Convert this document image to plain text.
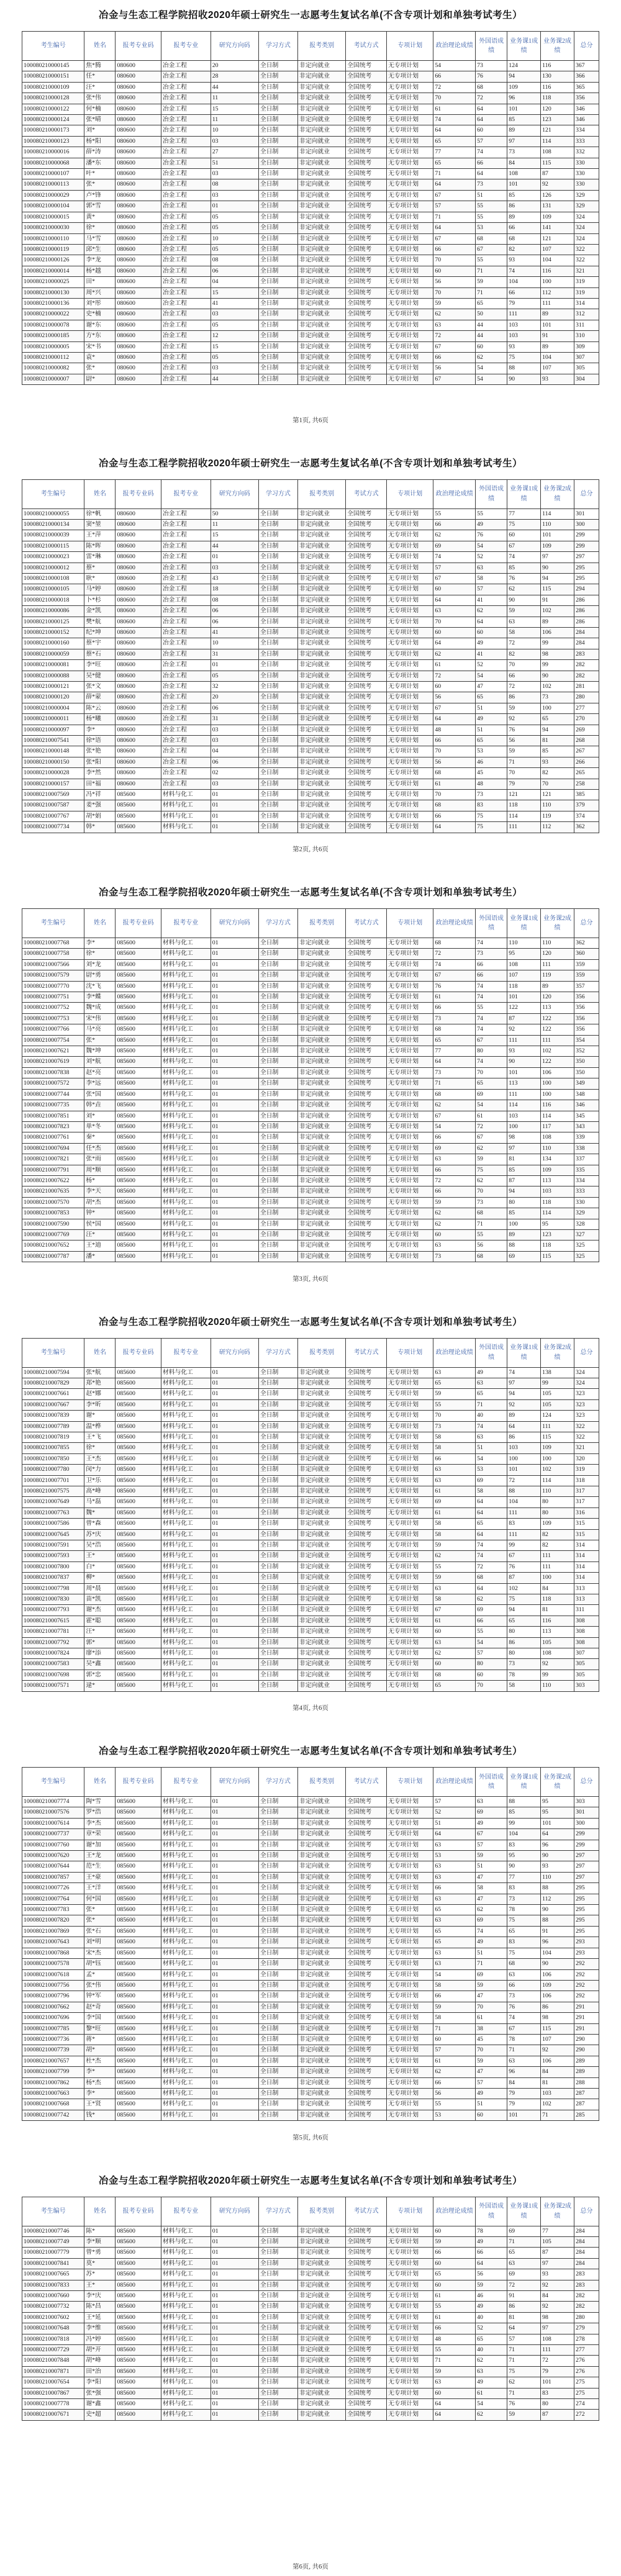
冶金与生态工程学院招收2020年硕士研究生一志愿考生复试名单(不含专项计划和单独考试考生）
考生编号	姓名	报考专业码	报考专业	研究方向码	学习方式	报考类别	考试方式	专项计划	政治理论成绩	外国语成绩	业务课1成绩	业务课2成绩	总分
100080210000145	焦*腾	080600	冶金工程	20	全日制	非定向就业	全国统考	无专项计划	54	73	124	116	367
100080210000151	任*	080600	冶金工程	28	全日制	非定向就业	全国统考	无专项计划	66	76	94	130	366
100080210000109	汪*	080600	冶金工程	44	全日制	非定向就业	全国统考	无专项计划	72	68	109	116	365
100080210000128	张*伟	080600	冶金工程	11	全日制	非定向就业	全国统考	无专项计划	70	72	96	118	356
100080210000122	何*楠	080600	冶金工程	15	全日制	非定向就业	全国统考	无专项计划	61	64	101	120	346
100080210000124	张*晴	080600	冶金工程	11	全日制	非定向就业	全国统考	无专项计划	74	64	85	123	346
100080210000173	刘*	080600	冶金工程	10	全日制	非定向就业	全国统考	无专项计划	64	60	89	121	334
100080210000123	杨*阳	080600	冶金工程	03	全日制	非定向就业	全国统考	无专项计划	65	57	97	114	333
100080210000016	薛*涛	080600	冶金工程	27	全日制	非定向就业	全国统考	无专项计划	77	74	73	108	332
100080210000068	潘*东	080600	冶金工程	51	全日制	非定向就业	全国统考	无专项计划	65	66	84	115	330
100080210000107	叶*	080600	冶金工程	03	全日制	非定向就业	全国统考	无专项计划	71	64	108	87	330
100080210000113	张*	080600	冶金工程	08	全日制	非定向就业	全国统考	无专项计划	64	73	101	92	330
100080210000029	卢*锋	080600	冶金工程	03	全日制	非定向就业	全国统考	无专项计划	67	51	85	126	329
100080210000104	郭*雪	080600	冶金工程	01	全日制	非定向就业	全国统考	无专项计划	57	55	86	131	329
100080210000015	黄*	080600	冶金工程	05	全日制	非定向就业	全国统考	无专项计划	71	55	89	109	324
100080210000030	徐*	080600	冶金工程	05	全日制	非定向就业	全国统考	无专项计划	64	53	66	141	324
100080210000110	马*雪	080600	冶金工程	10	全日制	非定向就业	全国统考	无专项计划	67	68	68	121	324
100080210000119	邱*生	080600	冶金工程	05	全日制	非定向就业	全国统考	无专项计划	66	67	82	107	322
100080210000126	李*龙	080600	冶金工程	08	全日制	非定向就业	全国统考	无专项计划	70	55	93	104	322
100080210000014	杨*越	080600	冶金工程	06	全日制	非定向就业	全国统考	无专项计划	60	71	74	116	321
100080210000025	田*	080600	冶金工程	04	全日制	非定向就业	全国统考	无专项计划	56	59	104	100	319
100080210000130	周*兴	080600	冶金工程	15	全日制	非定向就业	全国统考	无专项计划	70	71	66	112	319
100080210000136	刘*彤	080600	冶金工程	41	全日制	非定向就业	全国统考	无专项计划	59	65	79	111	314
100080210000022	史*楠	080600	冶金工程	03	全日制	非定向就业	全国统考	无专项计划	62	50	111	89	312
100080210000078	谢*东	080600	冶金工程	05	全日制	非定向就业	全国统考	无专项计划	63	44	103	101	311
100080210000185	方*东	080600	冶金工程	12	全日制	非定向就业	全国统考	无专项计划	72	44	103	91	310
100080210000005	宋*书	080600	冶金工程	15	全日制	非定向就业	全国统考	无专项计划	67	60	93	89	309
100080210000112	袁*	080600	冶金工程	05	全日制	非定向就业	全国统考	无专项计划	66	62	75	104	307
100080210000082	张*	080600	冶金工程	03	全日制	非定向就业	全国统考	无专项计划	56	54	88	107	305
100080210000007	尉*	080600	冶金工程	44	全日制	非定向就业	全国统考	无专项计划	67	54	90	93	304
第1页, 共6页
冶金与生态工程学院招收2020年硕士研究生一志愿考生复试名单(不含专项计划和单独考试考生）
考生编号	姓名	报考专业码	报考专业	研究方向码	学习方式	报考类别	考试方式	专项计划	政治理论成绩	外国语成绩	业务课1成绩	业务课2成绩	总分
100080210000055	徐*帆	080600	冶金工程	50	全日制	非定向就业	全国统考	无专项计划	55	55	77	114	301
100080210000134	窦*堃	080600	冶金工程	11	全日制	非定向就业	全国统考	无专项计划	66	49	75	110	300
100080210000039	王*萍	080600	冶金工程	15	全日制	非定向就业	全国统考	无专项计划	62	76	60	101	299
100080210000115	陈*晖	080600	冶金工程	44	全日制	非定向就业	全国统考	无专项计划	69	54	67	109	299
100080210000023	雷*琳	080600	冶金工程	01	全日制	非定向就业	全国统考	无专项计划	74	52	74	97	297
100080210000012	蔡*	080600	冶金工程	03	全日制	非定向就业	全国统考	无专项计划	57	63	85	90	295
100080210000108	耿*	080600	冶金工程	43	全日制	非定向就业	全国统考	无专项计划	67	58	76	94	295
100080210000105	马*婷	080600	冶金工程	18	全日制	非定向就业	全国统考	无专项计划	60	57	62	115	294
100080210000018	卜*杉	080600	冶金工程	08	全日制	非定向就业	全国统考	无专项计划	64	41	90	91	286
100080210000086	金*凯	080600	冶金工程	06	全日制	非定向就业	全国统考	无专项计划	63	62	59	102	286
100080210000125	樊*航	080600	冶金工程	06	全日制	非定向就业	全国统考	无专项计划	70	64	63	89	286
100080210000152	纪*坤	080600	冶金工程	41	全日制	非定向就业	全国统考	无专项计划	60	60	58	106	284
100080210000160	蔡*宇	080600	冶金工程	10	全日制	非定向就业	全国统考	无专项计划	64	49	72	99	284
100080210000059	蔡*石	080600	冶金工程	31	全日制	非定向就业	全国统考	无专项计划	62	41	82	98	283
100080210000081	李*旺	080600	冶金工程	01	全日制	非定向就业	全国统考	无专项计划	61	52	70	99	282
100080210000088	吴*健	080600	冶金工程	05	全日制	非定向就业	全国统考	无专项计划	72	54	66	90	282
100080210000121	张*文	080600	冶金工程	32	全日制	非定向就业	全国统考	无专项计划	60	47	72	102	281
100080210000120	薛*蒙	080600	冶金工程	20	全日制	非定向就业	全国统考	无专项计划	56	65	86	73	280
100080210000004	陈*云	080600	冶金工程	06	全日制	非定向就业	全国统考	无专项计划	67	51	59	100	277
100080210000011	杨*曦	080600	冶金工程	31	全日制	非定向就业	全国统考	无专项计划	64	49	92	65	270
100080210000097	李*	080600	冶金工程	03	全日制	非定向就业	全国统考	无专项计划	48	51	76	94	269
100080210007541	徐*语	080600	冶金工程	03	全日制	非定向就业	全国统考	无专项计划	66	65	56	81	268
100080210000148	张*艳	080600	冶金工程	04	全日制	非定向就业	全国统考	无专项计划	70	53	59	85	267
100080210000150	张*阳	080600	冶金工程	06	全日制	非定向就业	全国统考	无专项计划	56	46	71	93	266
100080210000028	李*然	080600	冶金工程	02	全日制	非定向就业	全国统考	无专项计划	68	45	70	82	265
100080210000157	田*福	080600	冶金工程	03	全日制	非定向就业	全国统考	无专项计划	61	48	79	70	258
100080210007569	冯*祥	085600	材料与化工	01	全日制	非定向就业	全国统考	无专项计划	70	73	121	121	385
100080210007587	姜*强	085600	材料与化工	01	全日制	非定向就业	全国统考	无专项计划	68	83	118	110	379
100080210007767	胡*娟	085600	材料与化工	01	全日制	非定向就业	全国统考	无专项计划	66	75	114	119	374
100080210007734	韩*	085600	材料与化工	01	全日制	非定向就业	全国统考	无专项计划	64	75	111	112	362
第2页, 共6页
冶金与生态工程学院招收2020年硕士研究生一志愿考生复试名单(不含专项计划和单独考试考生）
考生编号	姓名	报考专业码	报考专业	研究方向码	学习方式	报考类别	考试方式	专项计划	政治理论成绩	外国语成绩	业务课1成绩	业务课2成绩	总分
100080210007768	李*	085600	材料与化工	01	全日制	非定向就业	全国统考	无专项计划	68	74	110	110	362
100080210007758	徐*	085600	材料与化工	01	全日制	非定向就业	全国统考	无专项计划	72	73	95	120	360
100080210007566	刘*龙	085600	材料与化工	01	全日制	非定向就业	全国统考	无专项计划	74	66	108	111	359
100080210007579	尉*勇	085600	材料与化工	01	全日制	非定向就业	全国统考	无专项计划	67	66	107	119	359
100080210007770	沈*飞	085600	材料与化工	01	全日制	非定向就业	全国统考	无专项计划	76	74	118	89	357
100080210007751	李*蝶	085600	材料与化工	01	全日制	非定向就业	全国统考	无专项计划	61	74	101	120	356
100080210007752	魏*成	085600	材料与化工	01	全日制	非定向就业	全国统考	无专项计划	66	55	122	113	356
100080210007753	宋*伟	085600	材料与化工	01	全日制	非定向就业	全国统考	无专项计划	73	74	87	122	356
100080210007766	马*亮	085600	材料与化工	01	全日制	非定向就业	全国统考	无专项计划	68	74	92	122	356
100080210007754	张*	085600	材料与化工	01	全日制	非定向就业	全国统考	无专项计划	65	67	111	111	354
100080210007621	魏*坤	085600	材料与化工	01	全日制	非定向就业	全国统考	无专项计划	77	80	93	102	352
100080210007619	刘*航	085600	材料与化工	01	全日制	非定向就业	全国统考	无专项计划	64	74	90	122	350
100080210007838	赵*亮	085600	材料与化工	01	全日制	非定向就业	全国统考	无专项计划	73	70	101	106	350
100080210007572	李*远	085600	材料与化工	01	全日制	非定向就业	全国统考	无专项计划	71	65	113	100	349
100080210007744	张*国	085600	材料与化工	01	全日制	非定向就业	全国统考	无专项计划	68	69	111	100	348
100080210007735	韩*垚	085600	材料与化工	01	全日制	非定向就业	全国统考	无专项计划	62	54	114	116	346
100080210007851	刘*	085600	材料与化工	01	全日制	非定向就业	全国统考	无专项计划	67	61	103	114	345
100080210007823	单*冬	085600	材料与化工	01	全日制	非定向就业	全国统考	无专项计划	54	72	100	117	343
100080210007761	秦*	085600	材料与化工	01	全日制	非定向就业	全国统考	无专项计划	66	67	98	108	339
100080210007694	任*杰	085600	材料与化工	01	全日制	非定向就业	全国统考	无专项计划	69	62	97	110	338
100080210007821	张*雨	085600	材料与化工	01	全日制	非定向就业	全国统考	无专项计划	63	59	81	134	337
100080210007791	周*顺	085600	材料与化工	01	全日制	非定向就业	全国统考	无专项计划	66	75	85	109	335
100080210007622	杨*	085600	材料与化工	01	全日制	非定向就业	全国统考	无专项计划	72	62	87	113	334
100080210007635	李*天	085600	材料与化工	01	全日制	非定向就业	全国统考	无专项计划	66	70	94	103	333
100080210007570	胡*杰	085600	材料与化工	01	全日制	非定向就业	全国统考	无专项计划	59	73	80	118	330
100080210007853	钟*	085600	材料与化工	01	全日制	非定向就业	全国统考	无专项计划	62	68	85	114	329
100080210007590	侯*国	085600	材料与化工	01	全日制	非定向就业	全国统考	无专项计划	62	71	100	95	328
100080210007769	汪*	085600	材料与化工	01	全日制	非定向就业	全国统考	无专项计划	60	55	89	123	327
100080210007652	王*迪	085600	材料与化工	01	全日制	非定向就业	全国统考	无专项计划	63	56	88	118	325
100080210007787	潘*	085600	材料与化工	01	全日制	非定向就业	全国统考	无专项计划	73	68	69	115	325
第3页, 共6页
冶金与生态工程学院招收2020年硕士研究生一志愿考生复试名单(不含专项计划和单独考试考生）
考生编号	姓名	报考专业码	报考专业	研究方向码	学习方式	报考类别	考试方式	专项计划	政治理论成绩	外国语成绩	业务课1成绩	业务课2成绩	总分
100080210007594	张*航	085600	材料与化工	01	全日制	非定向就业	全国统考	无专项计划	63	49	74	138	324
100080210007829	郑*艳	085600	材料与化工	01	全日制	非定向就业	全国统考	无专项计划	65	63	97	99	324
100080210007661	赵*娜	085600	材料与化工	01	全日制	非定向就业	全国统考	无专项计划	59	65	94	105	323
100080210007667	李*昕	085600	材料与化工	01	全日制	非定向就业	全国统考	无专项计划	55	71	92	105	323
100080210007839	谢*	085600	材料与化工	01	全日制	非定向就业	全国统考	无专项计划	70	40	89	124	323
100080210007789	温*桦	085600	材料与化工	01	全日制	非定向就业	全国统考	无专项计划	73	74	64	111	322
100080210007819	王*飞	085600	材料与化工	01	全日制	非定向就业	全国统考	无专项计划	58	63	86	115	322
100080210007855	徐*	085600	材料与化工	01	全日制	非定向就业	全国统考	无专项计划	58	51	103	109	321
100080210007850	王*杰	085600	材料与化工	01	全日制	非定向就业	全国统考	无专项计划	66	54	100	100	320
100080210007780	闵*力	085600	材料与化工	01	全日制	非定向就业	全国统考	无专项计划	63	53	101	102	319
100080210007701	卫*乐	085600	材料与化工	01	全日制	非定向就业	全国统考	无专项计划	63	69	72	114	318
100080210007575	高*峰	085600	材料与化工	01	全日制	非定向就业	全国统考	无专项计划	61	58	88	110	317
100080210007649	马*磊	085600	材料与化工	01	全日制	非定向就业	全国统考	无专项计划	69	64	104	80	317
100080210007763	魏*	085600	材料与化工	01	全日制	非定向就业	全国统考	无专项计划	61	64	111	80	316
100080210007586	曾*森	085600	材料与化工	01	全日制	非定向就业	全国统考	无专项计划	58	65	83	109	315
100080210007645	苏*庆	085600	材料与化工	01	全日制	非定向就业	全国统考	无专项计划	58	64	111	82	315
100080210007591	吴*浩	085600	材料与化工	01	全日制	非定向就业	全国统考	无专项计划	59	74	99	82	314
100080210007593	王*	085600	材料与化工	01	全日制	非定向就业	全国统考	无专项计划	62	74	67	111	314
100080210007800	白*	085600	材料与化工	01	全日制	非定向就业	全国统考	无专项计划	55	72	76	111	314
100080210007837	柳*	085600	材料与化工	01	全日制	非定向就业	全国统考	无专项计划	59	68	87	100	314
100080210007798	周*晨	085600	材料与化工	01	全日制	非定向就业	全国统考	无专项计划	63	64	102	84	313
100080210007830	苗*凯	085600	材料与化工	01	全日制	非定向就业	全国统考	无专项计划	58	62	75	118	313
100080210007793	谢*杰	085600	材料与化工	01	全日制	非定向就业	全国统考	无专项计划	67	69	94	81	311
100080210007615	霍*聪	085600	材料与化工	01	全日制	非定向就业	全国统考	无专项计划	61	66	65	116	308
100080210007781	汪*	085600	材料与化工	01	全日制	非定向就业	全国统考	无专项计划	60	55	80	113	308
100080210007792	郭*	085600	材料与化工	01	全日制	非定向就业	全国统考	无专项计划	63	54	86	105	308
100080210007824	廖*添	085600	材料与化工	01	全日制	非定向就业	全国统考	无专项计划	62	57	80	108	307
100080210007583	吴*鑫	085600	材料与化工	01	全日制	非定向就业	全国统考	无专项计划	60	80	73	92	305
100080210007698	郭*忠	085600	材料与化工	01	全日制	非定向就业	全国统考	无专项计划	68	60	78	99	305
100080210007571	逯*	085600	材料与化工	01	全日制	非定向就业	全国统考	无专项计划	65	70	58	110	303
第4页, 共6页
冶金与生态工程学院招收2020年硕士研究生一志愿考生复试名单(不含专项计划和单独考试考生）
考生编号	姓名	报考专业码	报考专业	研究方向码	学习方式	报考类别	考试方式	专项计划	政治理论成绩	外国语成绩	业务课1成绩	业务课2成绩	总分
100080210007774	陶*雪	085600	材料与化工	01	全日制	非定向就业	全国统考	无专项计划	57	63	88	95	303
100080210007576	罗*浩	085600	材料与化工	01	全日制	非定向就业	全国统考	无专项计划	52	69	85	95	301
100080210007614	李*杰	085600	材料与化工	01	全日制	非定向就业	全国统考	无专项计划	51	49	99	101	300
100080210007737	章*荣	085600	材料与化工	01	全日制	非定向就业	全国统考	无专项计划	64	67	104	64	299
100080210007760	谢*加	085600	材料与化工	01	全日制	非定向就业	全国统考	无专项计划	63	57	83	96	299
100080210007620	王*龙	085600	材料与化工	01	全日制	非定向就业	全国统考	无专项计划	53	59	95	90	297
100080210007644	范*生	085600	材料与化工	01	全日制	非定向就业	全国统考	无专项计划	63	51	90	93	297
100080210007857	王*豪	085600	材料与化工	01	全日制	非定向就业	全国统考	无专项计划	63	47	77	110	297
100080210007726	王*洋	085600	材料与化工	01	全日制	非定向就业	全国统考	无专项计划	66	58	83	88	295
100080210007764	何*国	085600	材料与化工	01	全日制	非定向就业	全国统考	无专项计划	63	47	73	112	295
100080210007783	张*	085600	材料与化工	01	全日制	非定向就业	全国统考	无专项计划	65	62	78	90	295
100080210007820	张*	085600	材料与化工	01	全日制	非定向就业	全国统考	无专项计划	63	69	75	88	295
100080210007869	张*石	085600	材料与化工	01	全日制	非定向就业	全国统考	无专项计划	65	74	65	91	295
100080210007643	刘*明	085600	材料与化工	01	全日制	非定向就业	全国统考	无专项计划	65	49	83	96	293
100080210007868	宋*杰	085600	材料与化工	01	全日制	非定向就业	全国统考	无专项计划	63	51	75	104	293
100080210007578	胡*钰	085600	材料与化工	01	全日制	非定向就业	全国统考	无专项计划	63	71	68	90	292
100080210007618	孟*	085600	材料与化工	01	全日制	非定向就业	全国统考	无专项计划	54	69	63	106	292
100080210007756	张*伟	085600	材料与化工	01	全日制	非定向就业	全国统考	无专项计划	58	59	66	109	292
100080210007796	钟*军	085600	材料与化工	01	全日制	非定向就业	全国统考	无专项计划	66	47	73	106	292
100080210007662	赵*奇	085600	材料与化工	01	全日制	非定向就业	全国统考	无专项计划	59	70	76	86	291
100080210007696	李*国	085600	材料与化工	01	全日制	非定向就业	全国统考	无专项计划	58	61	74	98	291
100080210007785	黎*旺	085600	材料与化工	01	全日制	非定向就业	全国统考	无专项计划	71	38	67	115	291
100080210007736	蒋*	085600	材料与化工	01	全日制	非定向就业	全国统考	无专项计划	60	45	78	107	290
100080210007739	胡*	085600	材料与化工	01	全日制	非定向就业	全国统考	无专项计划	57	70	71	92	290
100080210007657	杜*杰	085600	材料与化工	01	全日制	非定向就业	全国统考	无专项计划	61	59	63	106	289
100080210007799	李*	085600	材料与化工	01	全日制	非定向就业	全国统考	无专项计划	62	47	96	84	289
100080210007862	杨*杰	085600	材料与化工	01	全日制	非定向就业	全国统考	无专项计划	66	57	84	81	288
100080210007663	李*	085600	材料与化工	01	全日制	非定向就业	全国统考	无专项计划	56	49	79	103	287
100080210007668	王*贤	085600	材料与化工	01	全日制	非定向就业	全国统考	无专项计划	55	51	79	102	287
100080210007742	钱*	085600	材料与化工	01	全日制	非定向就业	全国统考	无专项计划	53	60	101	71	285
第5页, 共6页
冶金与生态工程学院招收2020年硕士研究生一志愿考生复试名单(不含专项计划和单独考试考生）
考生编号	姓名	报考专业码	报考专业	研究方向码	学习方式	报考类别	考试方式	专项计划	政治理论成绩	外国语成绩	业务课1成绩	业务课2成绩	总分
100080210007746	陈*	085600	材料与化工	01	全日制	非定向就业	全国统考	无专项计划	60	78	69	77	284
100080210007749	李*顺	085600	材料与化工	01	全日制	非定向就业	全国统考	无专项计划	59	49	71	105	284
100080210007779	曾*勇	085600	材料与化工	01	全日制	非定向就业	全国统考	无专项计划	66	66	65	87	284
100080210007841	莫*	085600	材料与化工	01	全日制	非定向就业	全国统考	无专项计划	60	64	63	97	284
100080210007665	苏*	085600	材料与化工	01	全日制	非定向就业	全国统考	无专项计划	65	56	69	93	283
100080210007833	王*	085600	材料与化工	01	全日制	非定向就业	全国统考	无专项计划	60	59	72	92	283
100080210007660	李*庆	085600	材料与化工	01	全日制	非定向就业	全国统考	无专项计划	61	46	91	84	282
100080210007732	陈*昌	085600	材料与化工	01	全日制	非定向就业	全国统考	无专项计划	55	49	86	92	282
100080210007602	王*延	085600	材料与化工	01	全日制	非定向就业	全国统考	无专项计划	61	40	81	98	280
100080210007648	李*维	085600	材料与化工	01	全日制	非定向就业	全国统考	无专项计划	66	52	64	97	279
100080210007818	冯*婷	085600	材料与化工	01	全日制	非定向就业	全国统考	无专项计划	48	65	57	108	278
100080210007729	胡*开	085600	材料与化工	01	全日制	非定向就业	全国统考	无专项计划	55	40	71	111	277
100080210007848	胡*峰	085600	材料与化工	01	全日制	非定向就业	全国统考	无专项计划	71	62	71	72	276
100080210007871	田*治	085600	材料与化工	01	全日制	非定向就业	全国统考	无专项计划	59	63	75	79	276
100080210007654	李*阳	085600	材料与化工	01	全日制	非定向就业	全国统考	无专项计划	63	49	62	101	275
100080210007867	张*强	085600	材料与化工	01	全日制	非定向就业	全国统考	无专项计划	60	61	71	83	275
100080210007778	谢*鑫	085600	材料与化工	01	全日制	非定向就业	全国统考	无专项计划	64	54	76	80	274
100080210007671	史*超	085600	材料与化工	01	全日制	非定向就业	全国统考	无专项计划	64	62	59	87	272
第6页, 共6页
